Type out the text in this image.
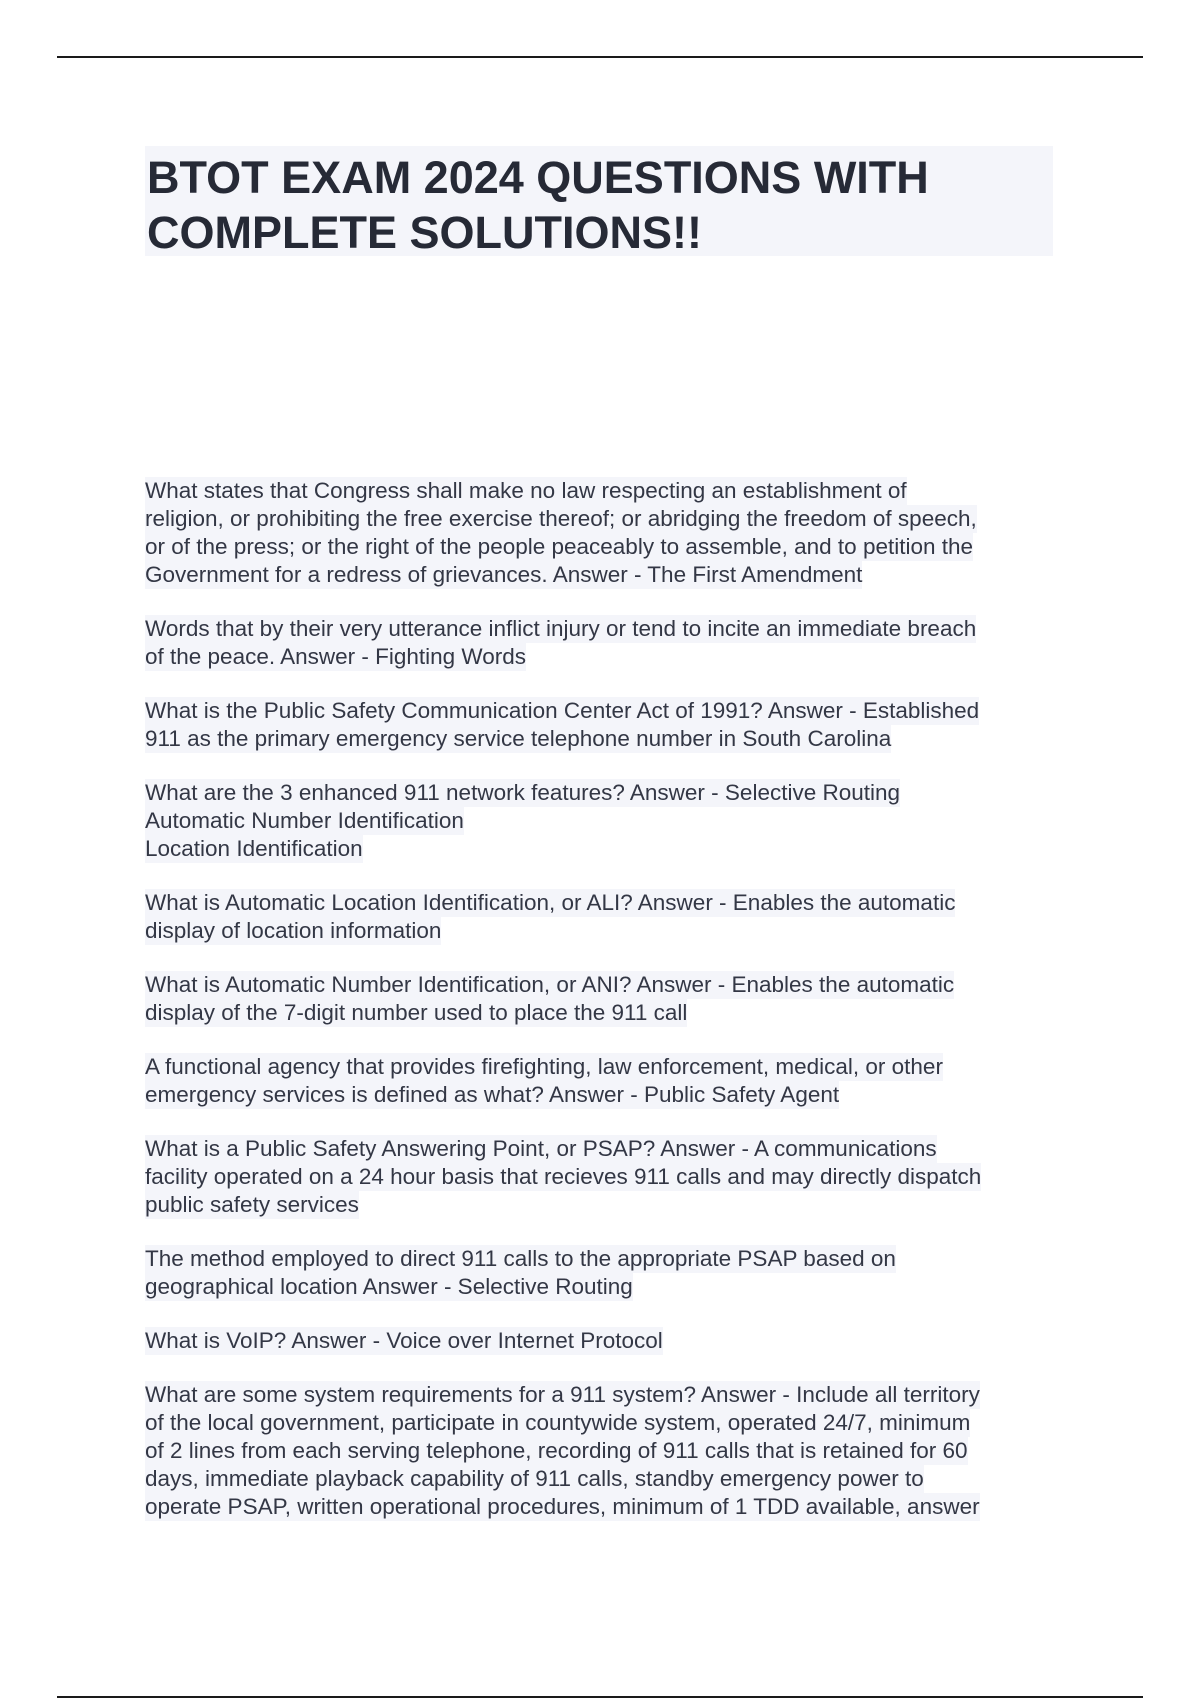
BTOT EXAM 2024 QUESTIONS WITH
COMPLETE SOLUTIONS!!
What states that Congress shall make no law respecting an establishment of
religion, or prohibiting the free exercise thereof; or abridging the freedom of speech,
or of the press; or the right of the people peaceably to assemble, and to petition the
Government for a redress of grievances. Answer - The First Amendment
Words that by their very utterance inflict injury or tend to incite an immediate breach
of the peace. Answer - Fighting Words
What is the Public Safety Communication Center Act of 1991? Answer - Established
911 as the primary emergency service telephone number in South Carolina
What are the 3 enhanced 911 network features? Answer - Selective Routing
Automatic Number Identification
Location Identification
What is Automatic Location Identification, or ALI? Answer - Enables the automatic
display of location information
What is Automatic Number Identification, or ANI? Answer - Enables the automatic
display of the 7-digit number used to place the 911 call
A functional agency that provides firefighting, law enforcement, medical, or other
emergency services is defined as what? Answer - Public Safety Agent
What is a Public Safety Answering Point, or PSAP? Answer - A communications
facility operated on a 24 hour basis that recieves 911 calls and may directly dispatch
public safety services
The method employed to direct 911 calls to the appropriate PSAP based on
geographical location Answer - Selective Routing
What is VoIP? Answer - Voice over Internet Protocol
What are some system requirements for a 911 system? Answer - Include all territory
of the local government, participate in countywide system, operated 24/7, minimum
of 2 lines from each serving telephone, recording of 911 calls that is retained for 60
days, immediate playback capability of 911 calls, standby emergency power to
operate PSAP, written operational procedures, minimum of 1 TDD available, answer
